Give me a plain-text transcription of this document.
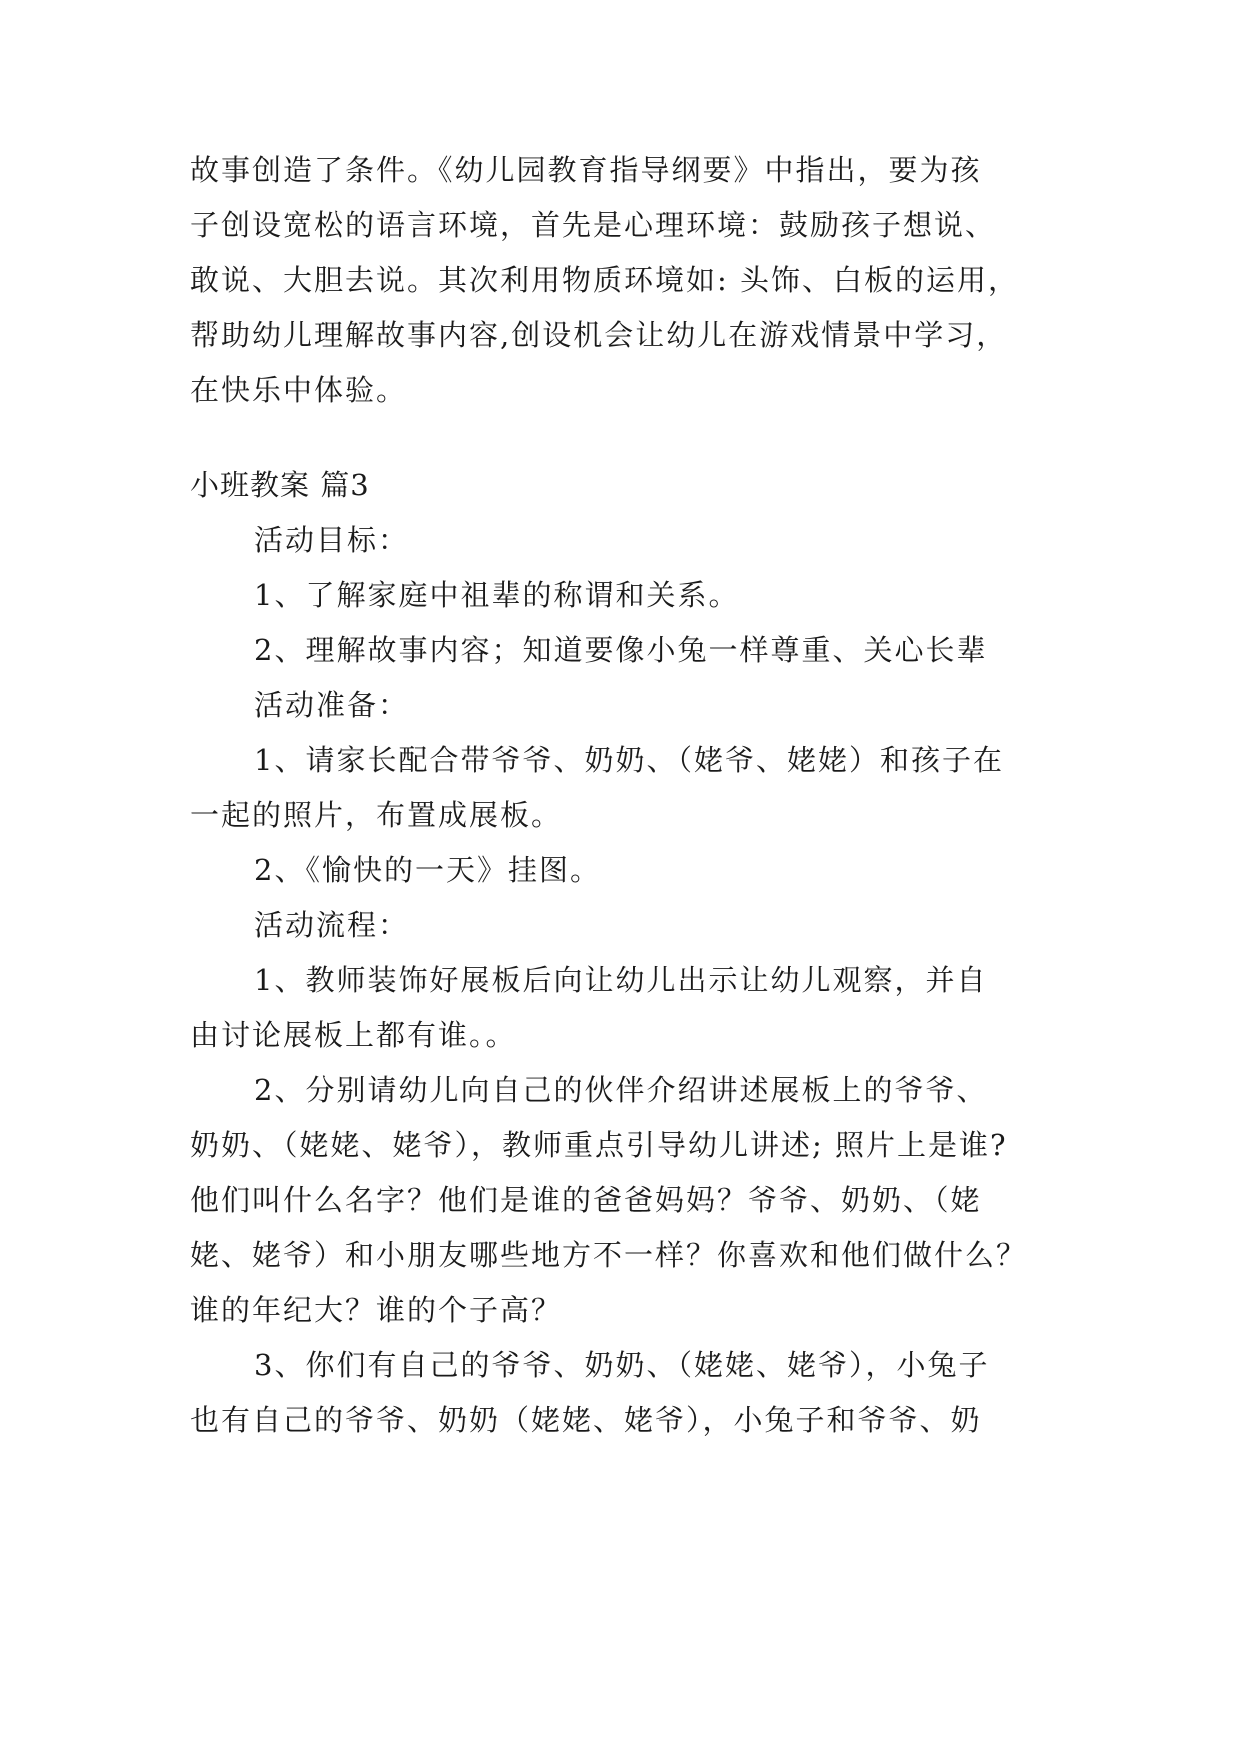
故事创造了条件。《幼儿园教育指导纲要》中指出，要为孩
子创设宽松的语言环境，首先是心理环境：鼓励孩子想说、
敢说、大胆去说。其次利用物质环境如: 头饰、白板的运用，
帮助幼儿理解故事内容,创设机会让幼儿在游戏情景中学习，
在快乐中体验。
小班教案 篇3
活动目标：
1、了解家庭中祖辈的称谓和关系。
2、理解故事内容；知道要像小兔一样尊重、关心长辈
活动准备：
1、请家长配合带爷爷、奶奶、（姥爷、姥姥）和孩子在
一起的照片，布置成展板。
2、《愉快的一天》挂图。
活动流程：
1、教师装饰好展板后向让幼儿出示让幼儿观察，并自
由讨论展板上都有谁。。
2、分别请幼儿向自己的伙伴介绍讲述展板上的爷爷、
奶奶、（姥姥、姥爷），教师重点引导幼儿讲述; 照片上是谁?
他们叫什么名字？他们是谁的爸爸妈妈？爷爷、奶奶、（姥
姥、姥爷）和小朋友哪些地方不一样？你喜欢和他们做什么？
谁的年纪大？谁的个子高？
3、你们有自己的爷爷、奶奶、（姥姥、姥爷），小兔子
也有自己的爷爷、奶奶（姥姥、姥爷），小兔子和爷爷、奶
